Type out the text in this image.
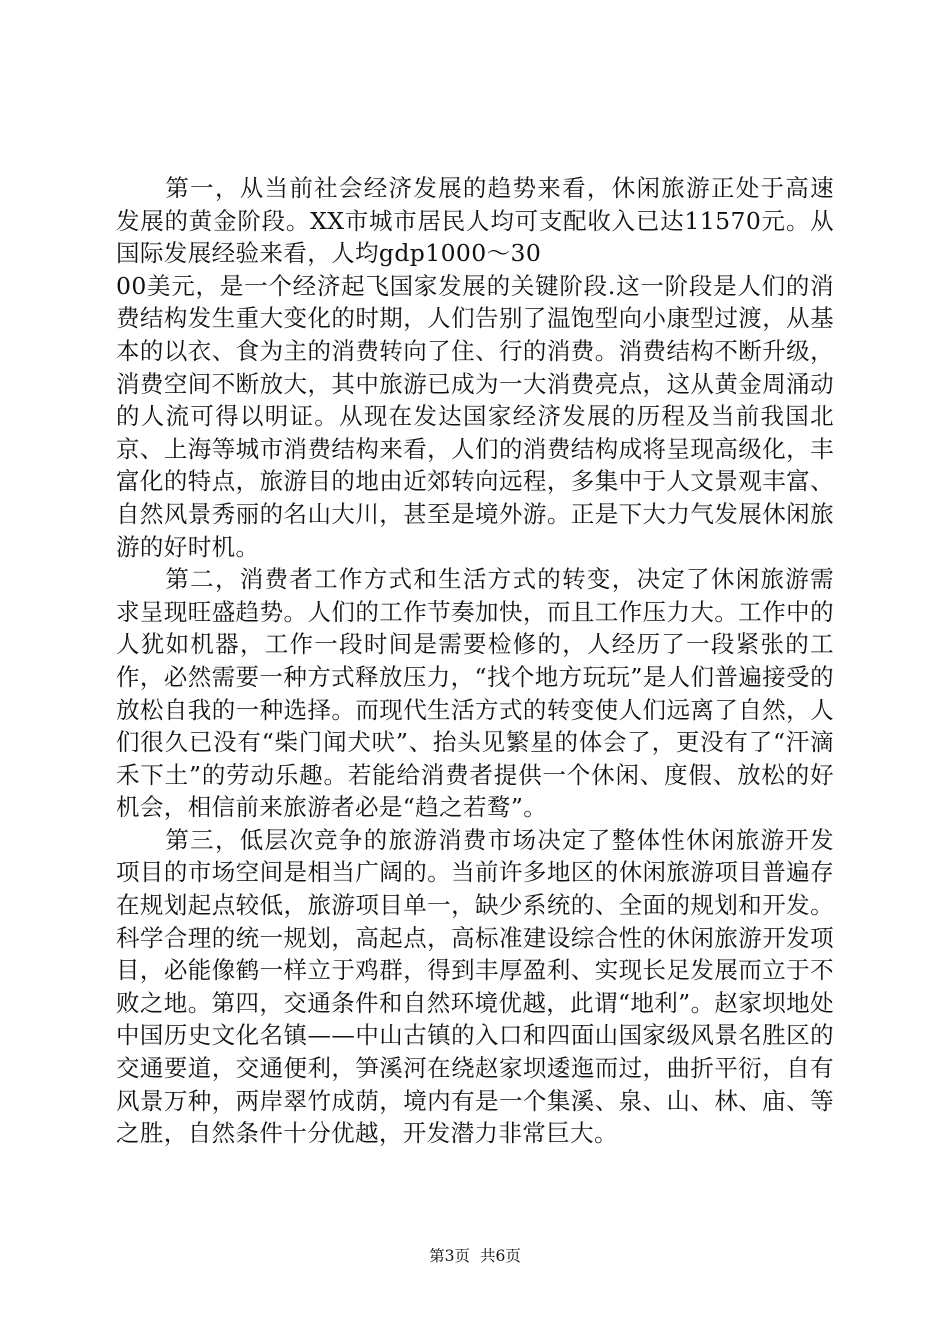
第一，从当前社会经济发展的趋势来看，休闲旅游正处于高速发展的黄金阶段。XX市城市居民人均可支配收入已达11570元。从国际发展经验来看，人均gdp1000～30

00美元，是一个经济起飞国家发展的关键阶段.这一阶段是人们的消费结构发生重大变化的时期，人们告别了温饱型向小康型过渡，从基本的以衣、食为主的消费转向了住、行的消费。消费结构不断升级，消费空间不断放大，其中旅游已成为一大消费亮点，这从黄金周涌动的人流可得以明证。从现在发达国家经济发展的历程及当前我国北京、上海等城市消费结构来看，人们的消费结构成将呈现高级化，丰富化的特点，旅游目的地由近郊转向远程，多集中于人文景观丰富、自然风景秀丽的名山大川，甚至是境外游。正是下大力气发展休闲旅游的好时机。

第二，消费者工作方式和生活方式的转变，决定了休闲旅游需求呈现旺盛趋势。人们的工作节奏加快，而且工作压力大。工作中的人犹如机器，工作一段时间是需要检修的，人经历了一段紧张的工作，必然需要一种方式释放压力，“找个地方玩玩”是人们普遍接受的放松自我的一种选择。而现代生活方式的转变使人们远离了自然，人们很久已没有“柴门闻犬吠”、抬头见繁星的体会了，更没有了“汗滴禾下土”的劳动乐趣。若能给消费者提供一个休闲、度假、放松的好机会，相信前来旅游者必是“趋之若鹜”。

第三，低层次竞争的旅游消费市场决定了整体性休闲旅游开发项目的市场空间是相当广阔的。当前许多地区的休闲旅游项目普遍存在规划起点较低，旅游项目单一，缺少系统的、全面的规划和开发。科学合理的统一规划，高起点，高标准建设综合性的休闲旅游开发项目，必能像鹤一样立于鸡群，得到丰厚盈利、实现长足发展而立于不败之地。第四，交通条件和自然环境优越，此谓“地利”。赵家坝地处中国历史文化名镇——中山古镇的入口和四面山国家级风景名胜区的交通要道，交通便利，笋溪河在绕赵家坝逶迤而过，曲折平衍，自有风景万种，两岸翠竹成荫，境内有是一个集溪、泉、山、林、庙、等之胜，自然条件十分优越，开发潜力非常巨大。

第3页 共6页
